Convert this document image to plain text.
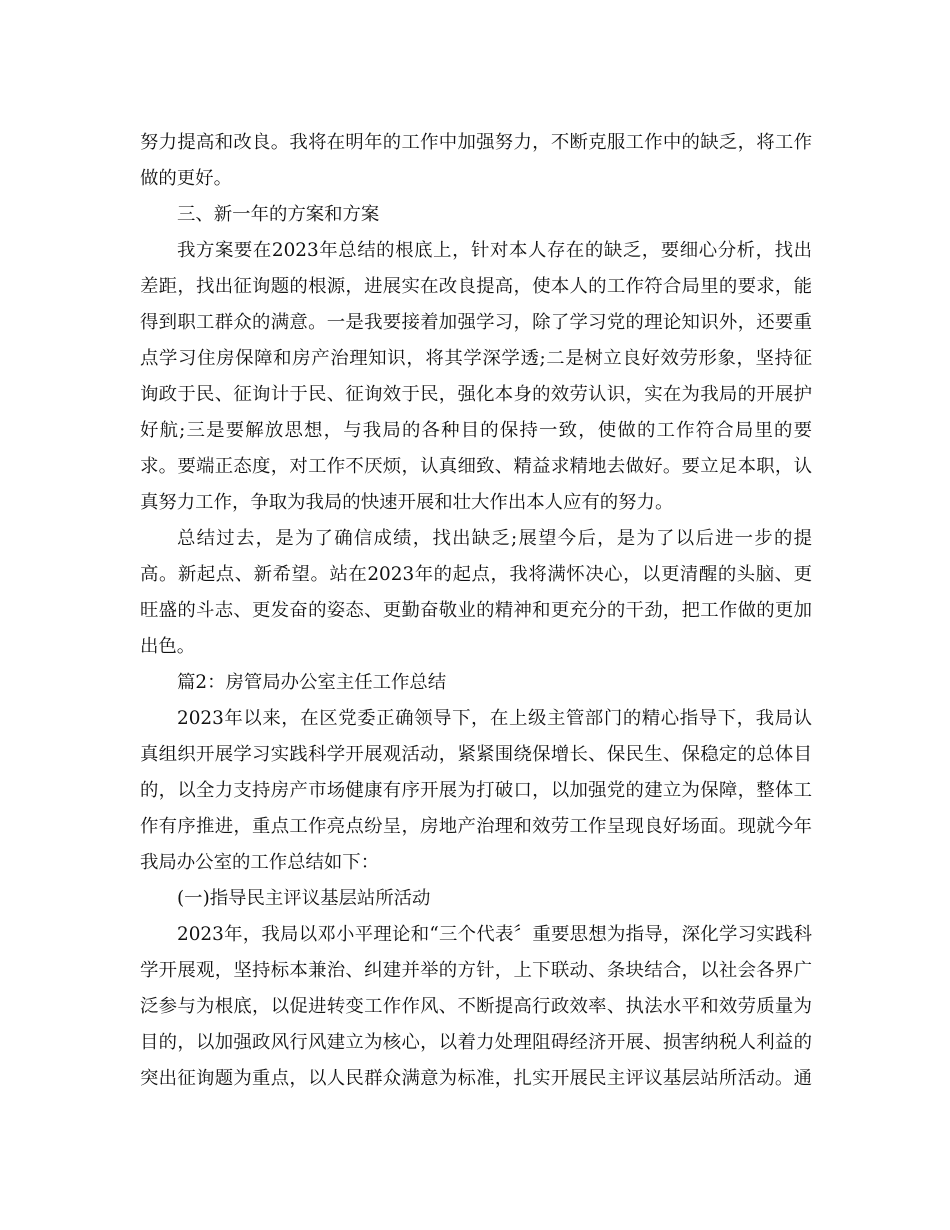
努力提高和改良。我将在明年的工作中加强努力，不断克服工作中的缺乏，将工作
做的更好。
三、新一年的方案和方案
我方案要在2023年总结的根底上，针对本人存在的缺乏，要细心分析，找出
差距，找出征询题的根源，进展实在改良提高，使本人的工作符合局里的要求，能
得到职工群众的满意。一是我要接着加强学习，除了学习党的理论知识外，还要重
点学习住房保障和房产治理知识，将其学深学透;二是树立良好效劳形象，坚持征
询政于民、征询计于民、征询效于民，强化本身的效劳认识，实在为我局的开展护
好航;三是要解放思想，与我局的各种目的保持一致，使做的工作符合局里的要
求。要端正态度，对工作不厌烦，认真细致、精益求精地去做好。要立足本职，认
真努力工作，争取为我局的快速开展和壮大作出本人应有的努力。
总结过去，是为了确信成绩，找出缺乏;展望今后，是为了以后进一步的提
高。新起点、新希望。站在2023年的起点，我将满怀决心，以更清醒的头脑、更
旺盛的斗志、更发奋的姿态、更勤奋敬业的精神和更充分的干劲，把工作做的更加
出色。
篇2：房管局办公室主任工作总结
2023年以来，在区党委正确领导下，在上级主管部门的精心指导下，我局认
真组织开展学习实践科学开展观活动，紧紧围绕保增长、保民生、保稳定的总体目
的，以全力支持房产市场健康有序开展为打破口，以加强党的建立为保障，整体工
作有序推进，重点工作亮点纷呈，房地产治理和效劳工作呈现良好场面。现就今年
我局办公室的工作总结如下：
(一)指导民主评议基层站所活动
2023年，我局以邓小平理论和“三个代表〞重要思想为指导，深化学习实践科
学开展观，坚持标本兼治、纠建并举的方针，上下联动、条块结合，以社会各界广
泛参与为根底，以促进转变工作作风、不断提高行政效率、执法水平和效劳质量为
目的，以加强政风行风建立为核心，以着力处理阻碍经济开展、损害纳税人利益的
突出征询题为重点，以人民群众满意为标准，扎实开展民主评议基层站所活动。通
